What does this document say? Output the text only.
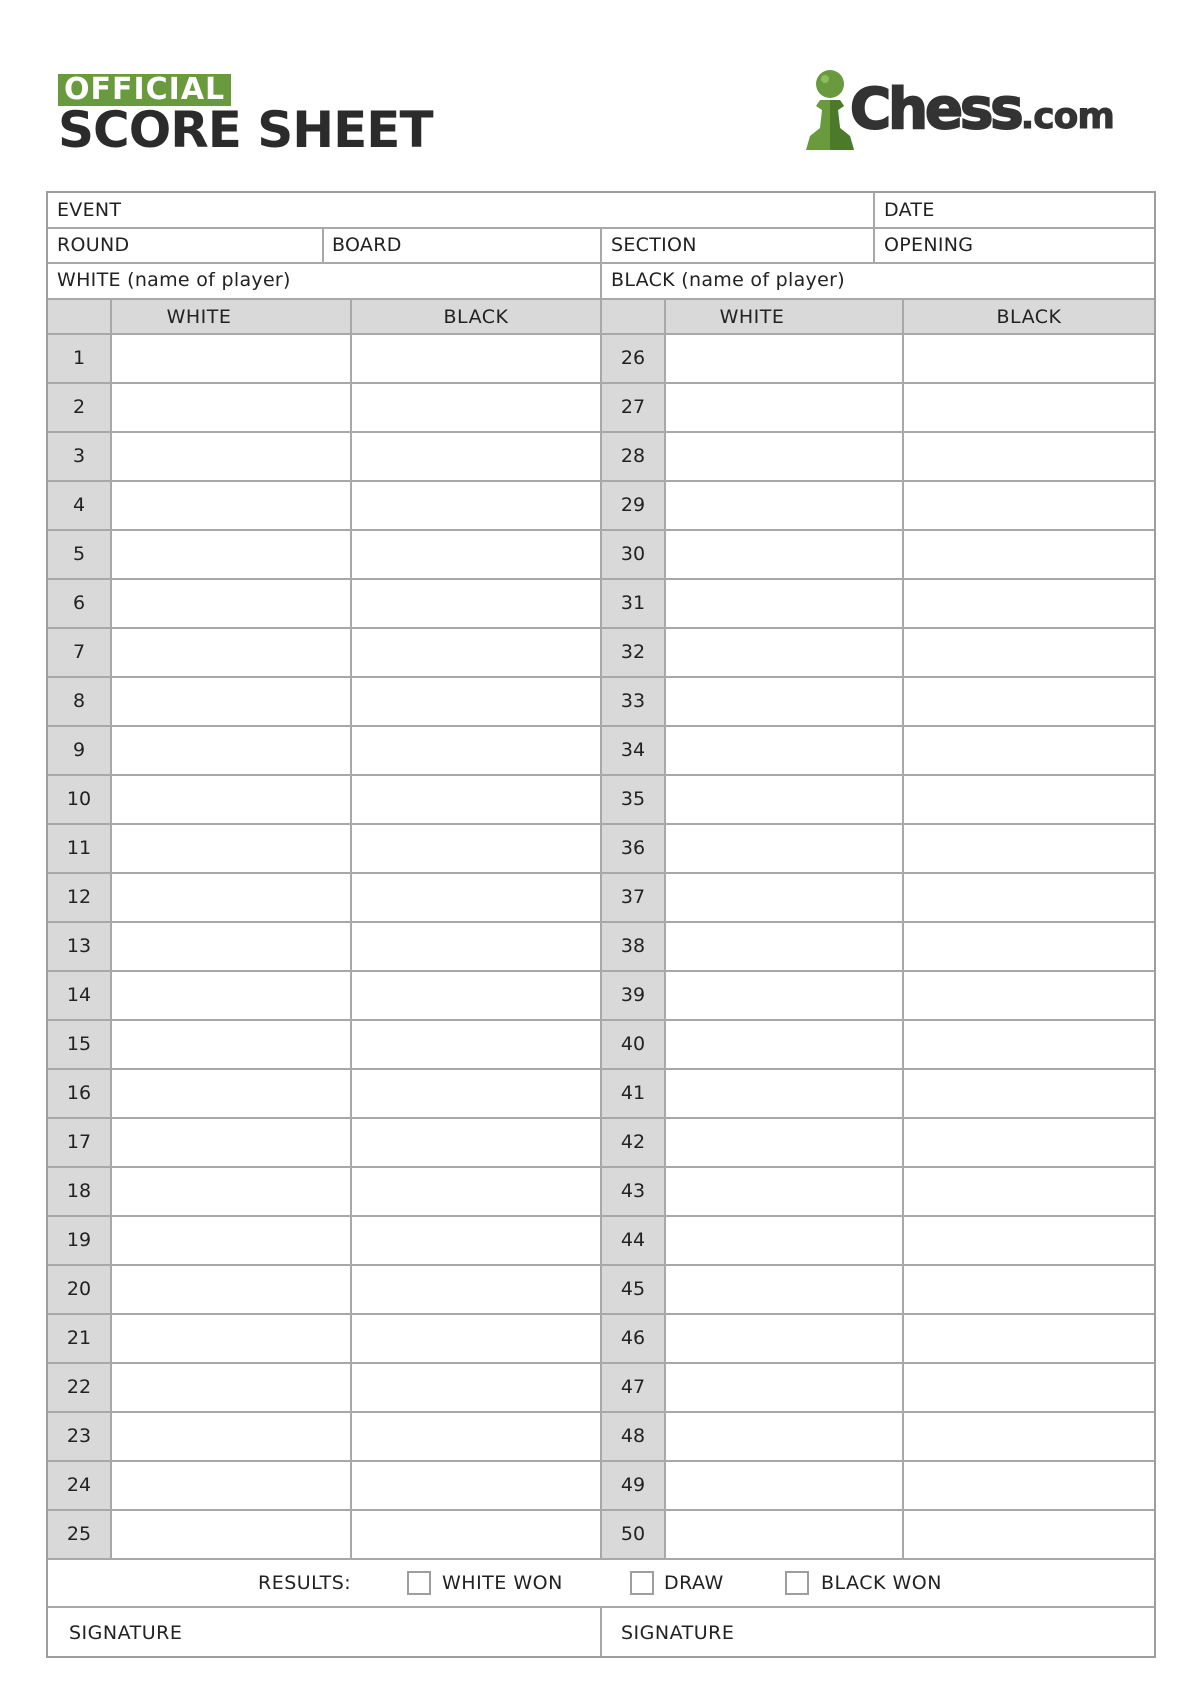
OFFICIAL
SCORE SHEET	Chess.com
EVENT	DATE
ROUND	BOARD	SECTION	OPENING
WHITE (name of player)	BLACK (name of player)
WHITE	BLACK	WHITE	BLACK
1	26
2	27
3	28
4	29
5	30
6	31
7	32
8	33
9	34
10	35
11	36
12	37
13	38
14	39
15	40
16	41
17	42
18	43
19	44
20	45
21	46
22	47
23	48
24	49
25	50
RESULTS:	WHITE WON	DRAW	BLACK WON
SIGNATURE	SIGNATURE
